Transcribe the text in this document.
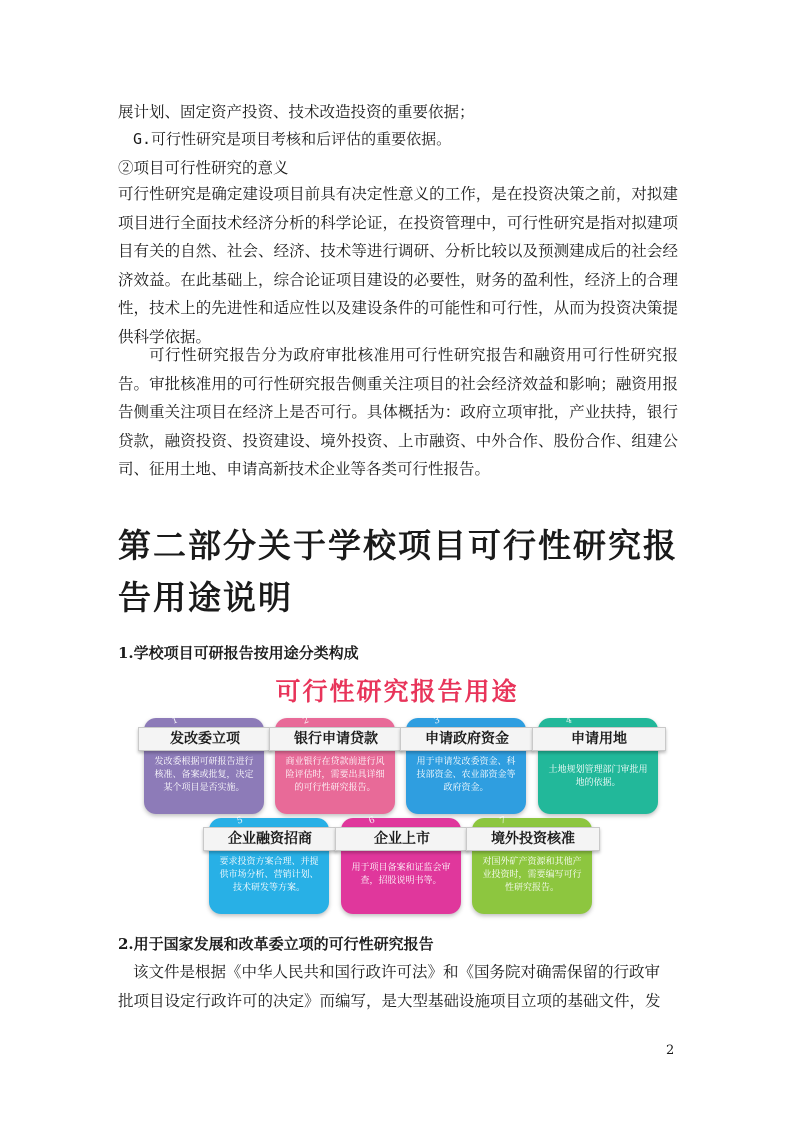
展计划、固定资产投资、技术改造投资的重要依据；

G.可行性研究是项目考核和后评估的重要依据。

②项目可行性研究的意义

可行性研究是确定建设项目前具有决定性意义的工作，是在投资决策之前，对拟建项目进行全面技术经济分析的科学论证，在投资管理中，可行性研究是指对拟建项目有关的自然、社会、经济、技术等进行调研、分析比较以及预测建成后的社会经济效益。在此基础上，综合论证项目建设的必要性，财务的盈利性，经济上的合理性，技术上的先进性和适应性以及建设条件的可能性和可行性，从而为投资决策提供科学依据。

可行性研究报告分为政府审批核准用可行性研究报告和融资用可行性研究报告。审批核准用的可行性研究报告侧重关注项目的社会经济效益和影响；融资用报告侧重关注项目在经济上是否可行。具体概括为：政府立项审批，产业扶持，银行贷款，融资投资、投资建设、境外投资、上市融资、中外合作、股份合作、组建公司、征用土地、申请高新技术企业等各类可行性报告。

第二部分关于学校项目可行性研究报告用途说明
1.学校项目可研报告按用途分类构成
可行性研究报告用途
1
发改委立项
发改委根据可研报告进行核准、备案或批复，决定某个项目是否实施。
2
银行申请贷款
商业银行在贷款前进行风险评估时，需要出具详细的可行性研究报告。
3
申请政府资金
用于申请发改委资金、科技部资金、农业部资金等政府资金。
4
申请用地
土地规划管理部门审批用地的依据。
5
企业融资招商
要求投资方案合理、并提供市场分析、营销计划、技术研发等方案。
6
企业上市
用于项目备案和证监会审查，招股说明书等。
7
境外投资核准
对国外矿产资源和其他产业投资时，需要编写可行性研究报告。
2.用于国家发展和改革委立项的可行性研究报告

该文件是根据《中华人民共和国行政许可法》和《国务院对确需保留的行政审

批项目设定行政许可的决定》而编写，是大型基础设施项目立项的基础文件，发

2
